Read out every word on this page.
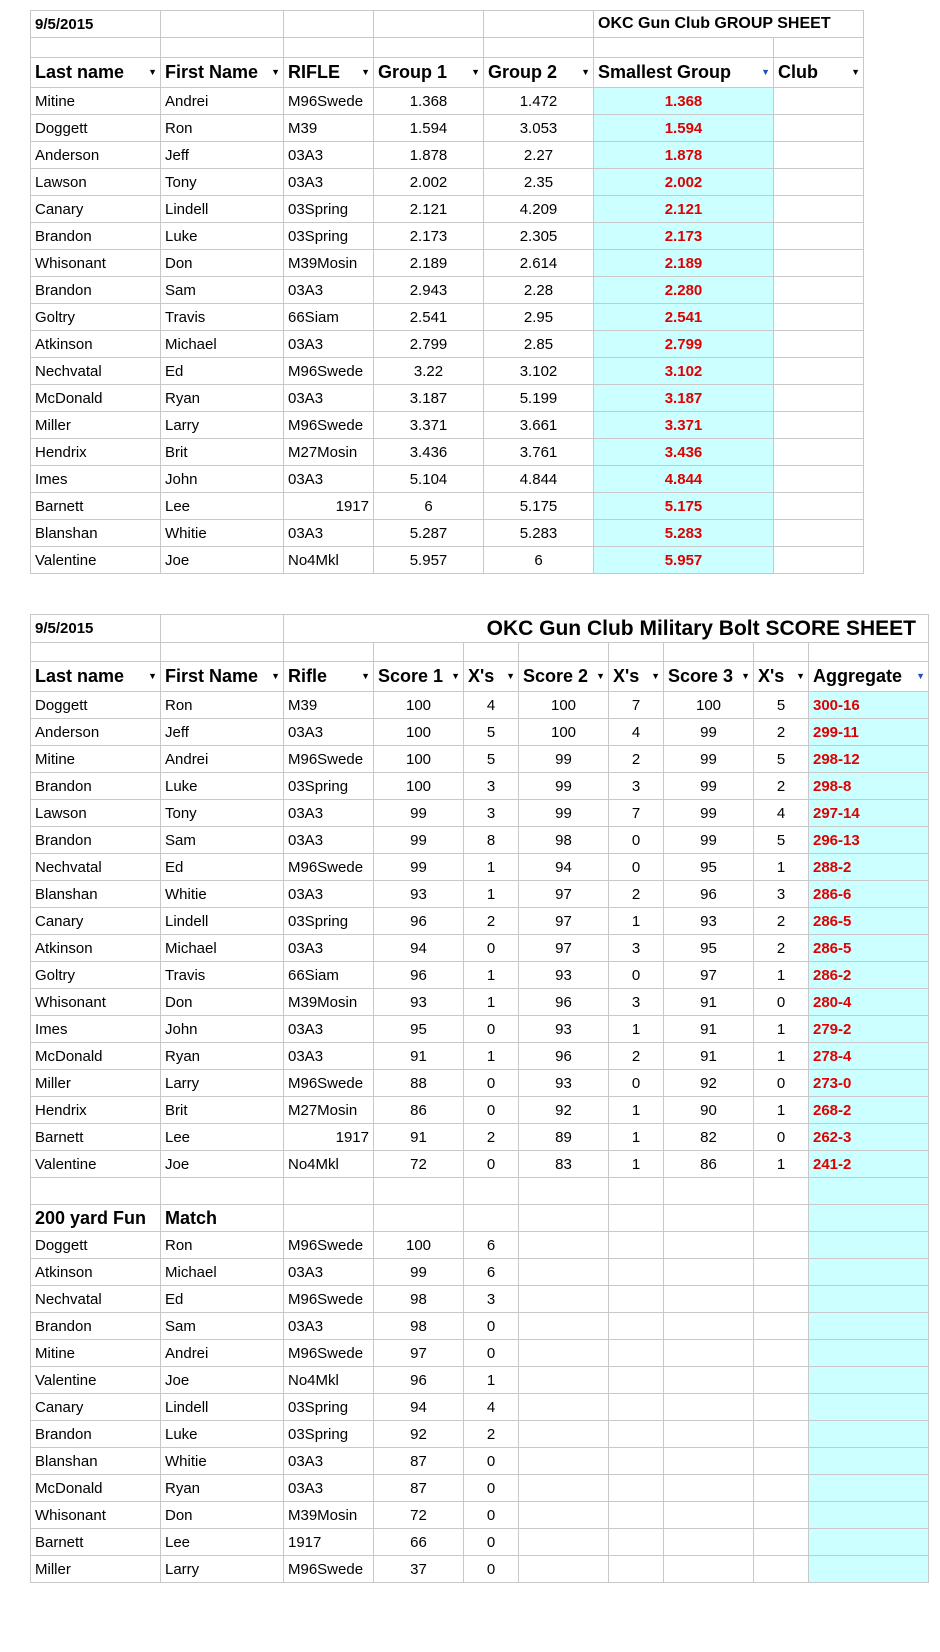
9/5/2015					OKC Gun Club GROUP SHEET	

Last name ▼	First Name ▼	RIFLE ▼	Group 1 ▼	Group 2 ▼	Smallest Group ▼	Club ▼

Mitine	Andrei	M96Swede	1.368	1.472	1.368	
Doggett	Ron	M39	1.594	3.053	1.594	
Anderson	Jeff	03A3	1.878	2.27	1.878	
Lawson	Tony	03A3	2.002	2.35	2.002	
Canary	Lindell	03Spring	2.121	4.209	2.121	
Brandon	Luke	03Spring	2.173	2.305	2.173	
Whisonant	Don	M39Mosin	2.189	2.614	2.189	
Brandon	Sam	03A3	2.943	2.28	2.280	
Goltry	Travis	66Siam	2.541	2.95	2.541	
Atkinson	Michael	03A3	2.799	2.85	2.799	
Nechvatal	Ed	M96Swede	3.22	3.102	3.102	
McDonald	Ryan	03A3	3.187	5.199	3.187	
Miller	Larry	M96Swede	3.371	3.661	3.371	
Hendrix	Brit	M27Mosin	3.436	3.761	3.436	
Imes	John	03A3	5.104	4.844	4.844	
Barnett	Lee	1917	6	5.175	5.175	
Blanshan	Whitie	03A3	5.287	5.283	5.283	
Valentine	Joe	No4Mkl	5.957	6	5.957	
9/5/2015		OKC Gun Club Military Bolt SCORE SHEET							

Last name ▼	First Name ▼	Rifle ▼	Score 1 ▼	X's ▼	Score 2 ▼	X's ▼	Score 3 ▼	X's ▼	Aggregate ▼

Doggett	Ron	M39	100	4	100	7	100	5	300-16
Anderson	Jeff	03A3	100	5	100	4	99	2	299-11
Mitine	Andrei	M96Swede	100	5	99	2	99	5	298-12
Brandon	Luke	03Spring	100	3	99	3	99	2	298-8
Lawson	Tony	03A3	99	3	99	7	99	4	297-14
Brandon	Sam	03A3	99	8	98	0	99	5	296-13
Nechvatal	Ed	M96Swede	99	1	94	0	95	1	288-2
Blanshan	Whitie	03A3	93	1	97	2	96	3	286-6
Canary	Lindell	03Spring	96	2	97	1	93	2	286-5
Atkinson	Michael	03A3	94	0	97	3	95	2	286-5
Goltry	Travis	66Siam	96	1	93	0	97	1	286-2
Whisonant	Don	M39Mosin	93	1	96	3	91	0	280-4
Imes	John	03A3	95	0	93	1	91	1	279-2
McDonald	Ryan	03A3	91	1	96	2	91	1	278-4
Miller	Larry	M96Swede	88	0	93	0	92	0	273-0
Hendrix	Brit	M27Mosin	86	0	92	1	90	1	268-2
Barnett	Lee	1917	91	2	89	1	82	0	262-3
Valentine	Joe	No4Mkl	72	0	83	1	86	1	241-2

200 yard Fun	Match								
Doggett	Ron	M96Swede	100	6					
Atkinson	Michael	03A3	99	6					
Nechvatal	Ed	M96Swede	98	3					
Brandon	Sam	03A3	98	0					
Mitine	Andrei	M96Swede	97	0					
Valentine	Joe	No4Mkl	96	1					
Canary	Lindell	03Spring	94	4					
Brandon	Luke	03Spring	92	2					
Blanshan	Whitie	03A3	87	0					
McDonald	Ryan	03A3	87	0					
Whisonant	Don	M39Mosin	72	0					
Barnett	Lee	1917	66	0					
Miller	Larry	M96Swede	37	0					
